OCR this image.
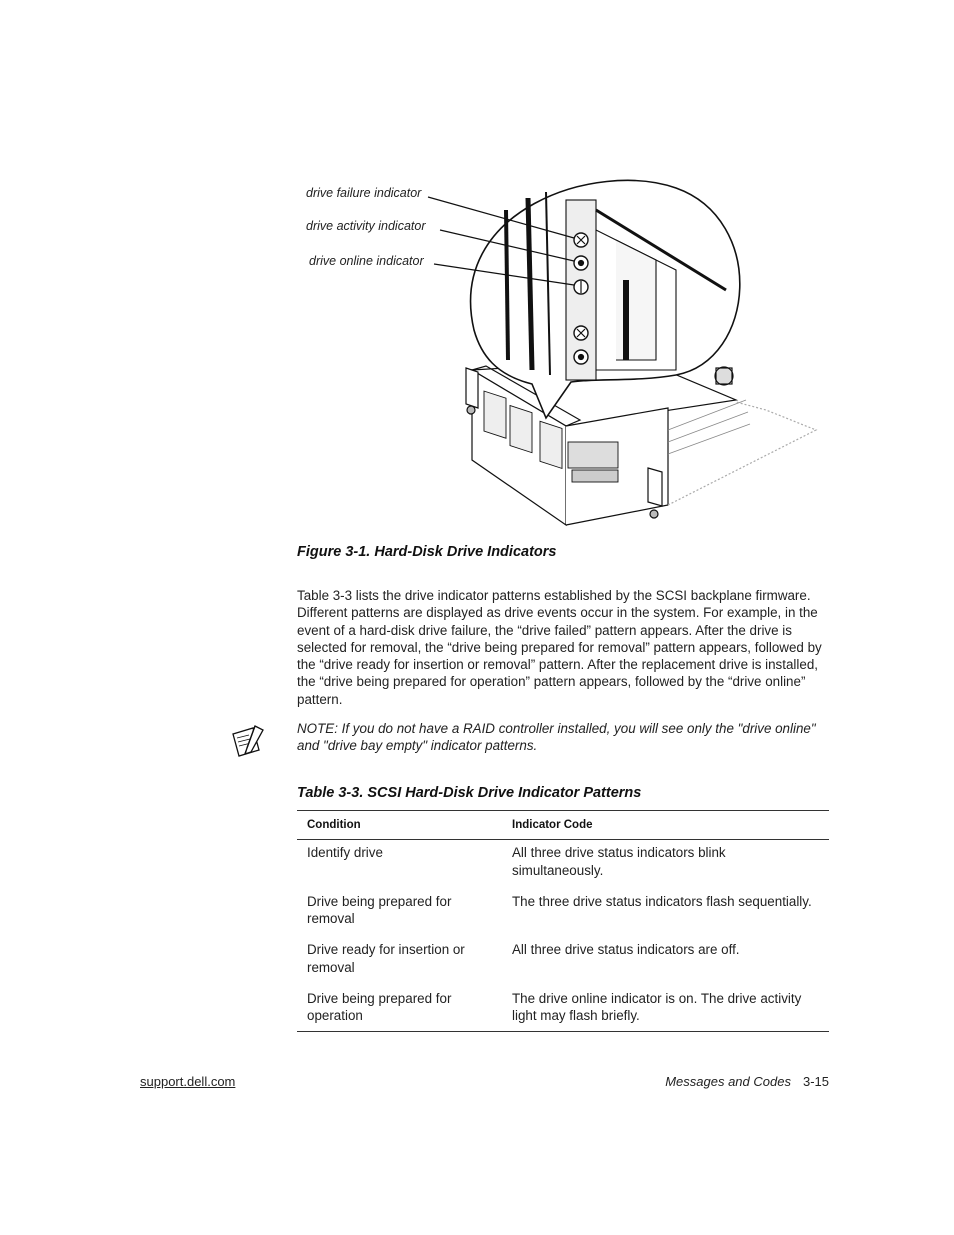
drive failure indicator
drive activity indicator
drive online indicator
Figure 3-1. Hard-Disk Drive Indicators

Table 3-3 lists the drive indicator patterns established by the SCSI backplane firmware. Different patterns are displayed as drive events occur in the system. For example, in the event of a hard-disk drive failure, the “drive failed” pattern appears. After the drive is selected for removal, the “drive being prepared for removal” pattern appears, followed by the “drive ready for insertion or removal” pattern. After the replacement drive is installed, the “drive being prepared for operation” pattern appears, followed by the “drive online” pattern.

NOTE: If you do not have a RAID controller installed, you will see only the "drive online" and "drive bay empty" indicator patterns.

Table 3-3. SCSI Hard-Disk Drive Indicator Patterns
Condition	Indicator Code
Identify drive	All three drive status indicators blink simultaneously.
Drive being prepared for removal	The three drive status indicators flash sequentially.
Drive ready for insertion or removal	All three drive status indicators are off.
Drive being prepared for operation	The drive online indicator is on. The drive activity light may flash briefly.
support.dell.com	Messages and Codes 3-15
